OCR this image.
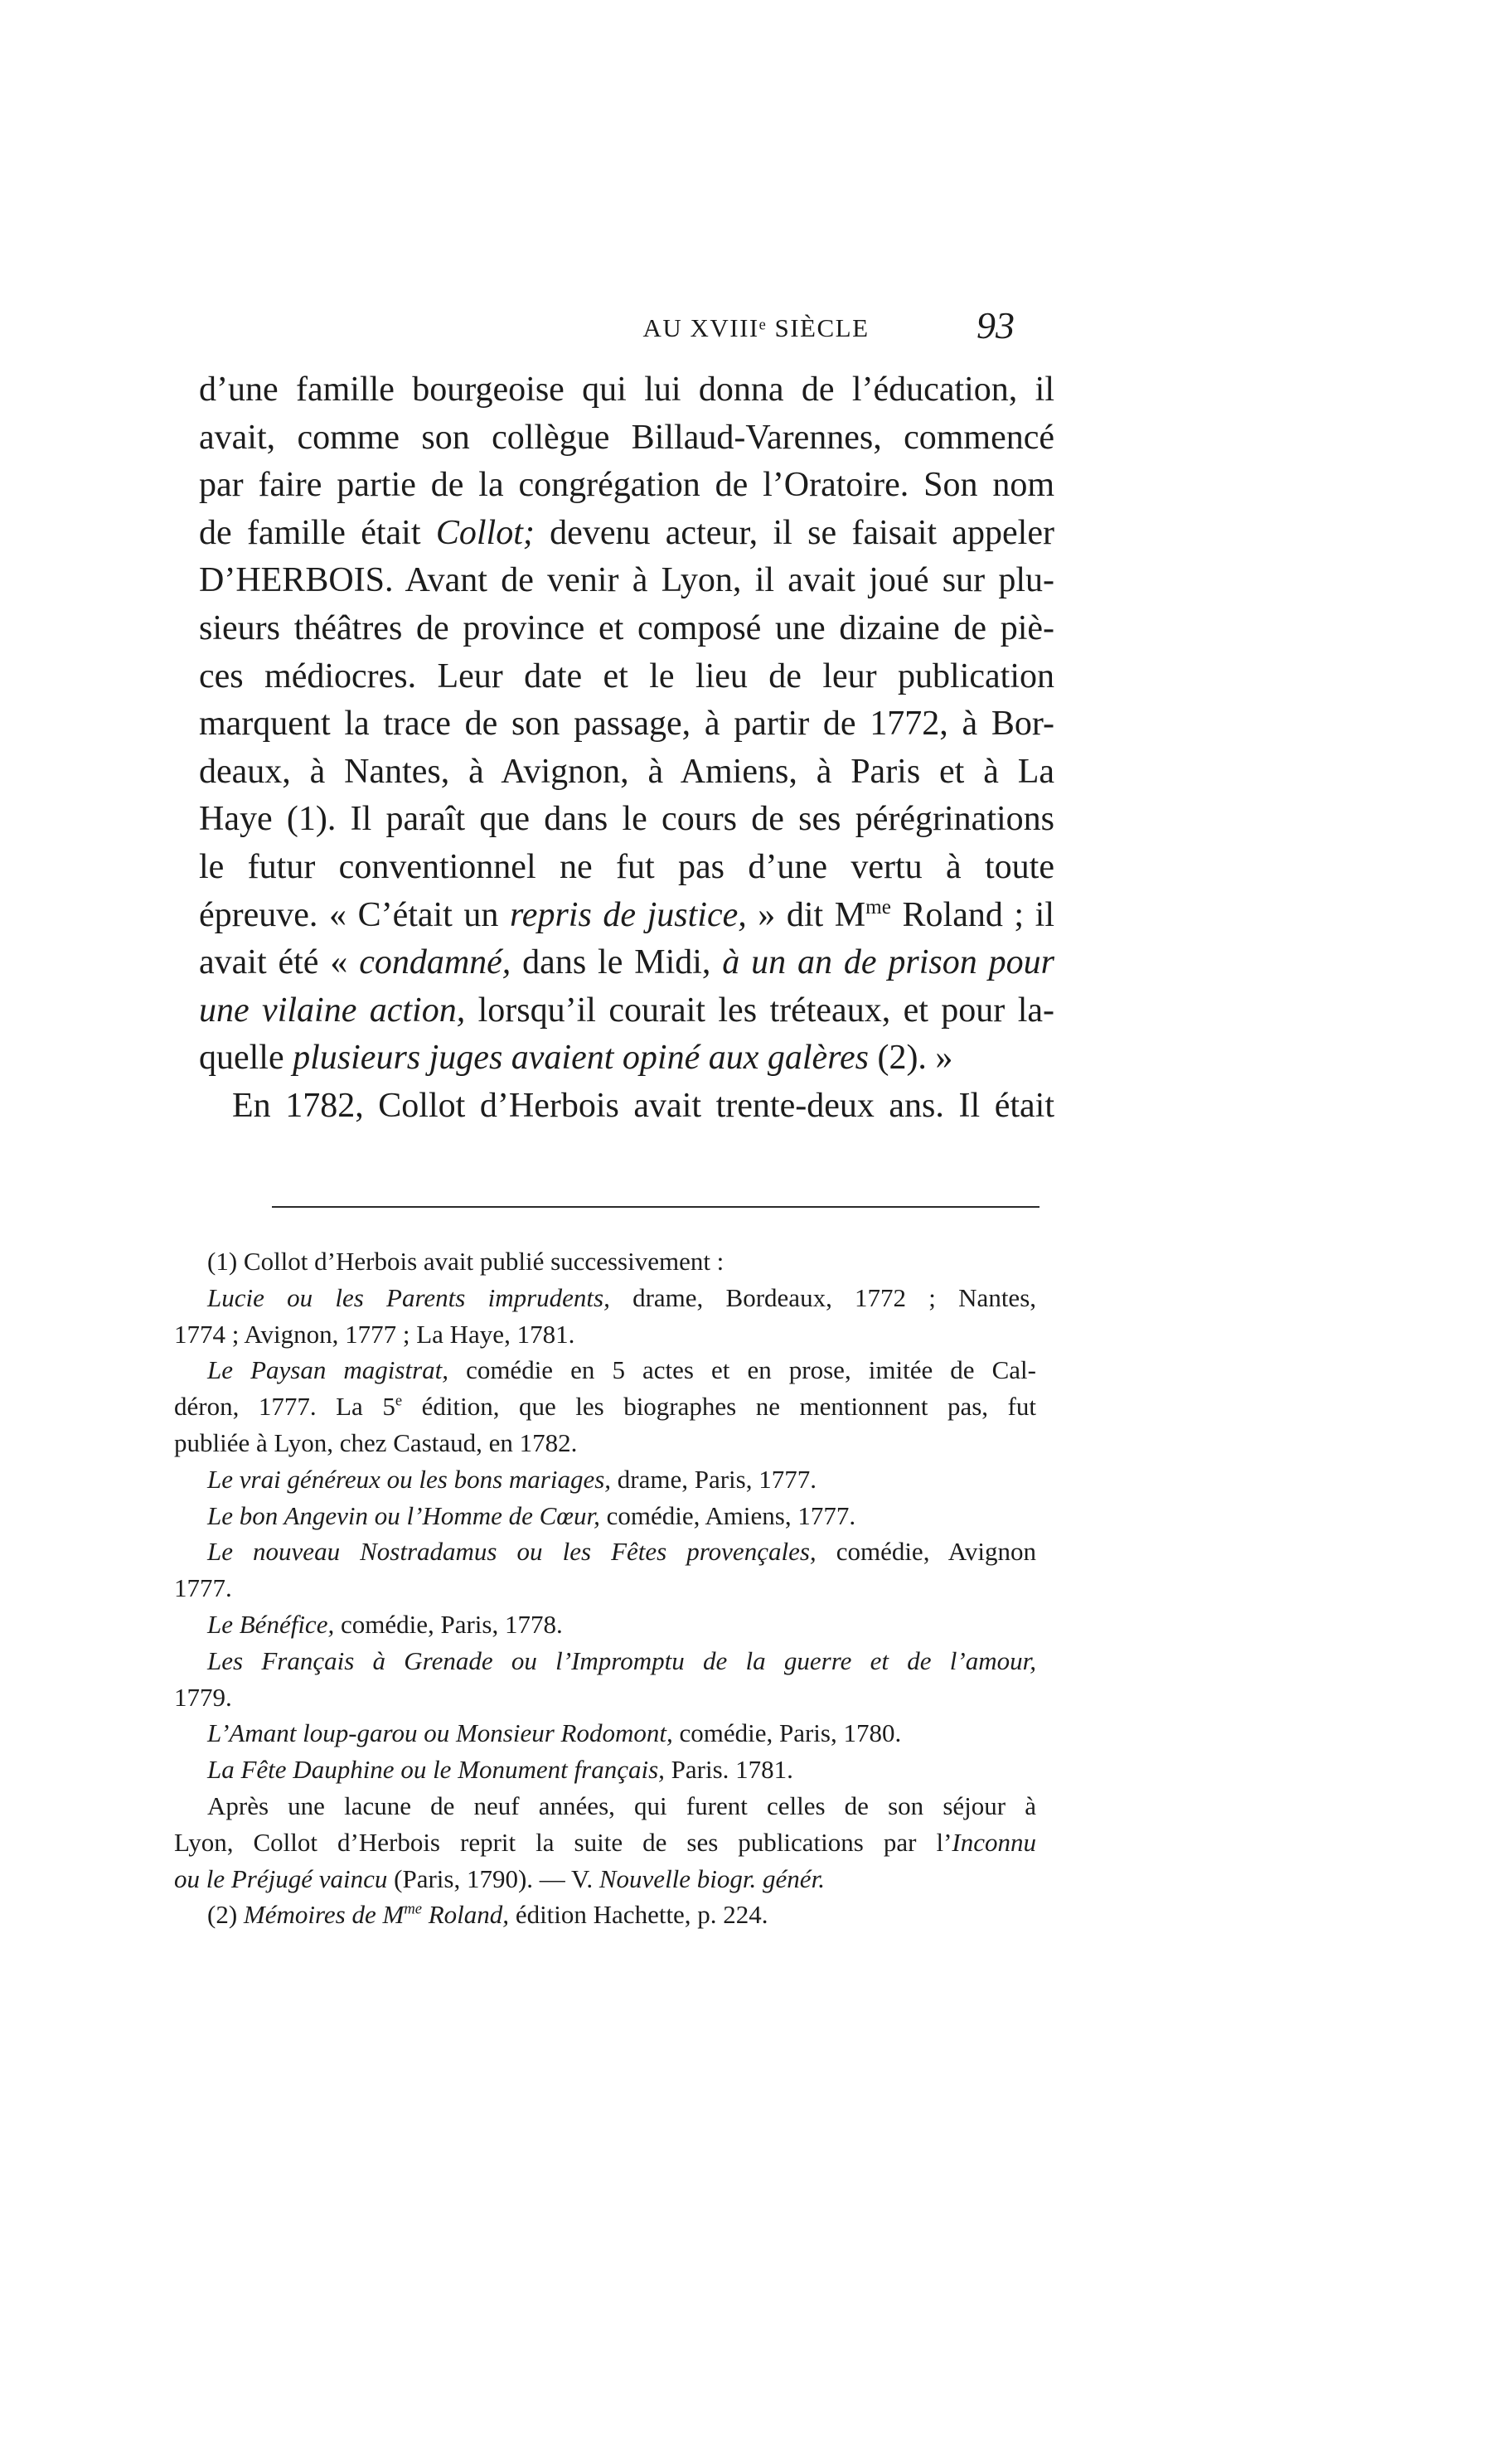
AU XVIIIᵉ SIÈCLE	93
d’une famille bourgeoise qui lui donna de l’éducation, il
avait, comme son collègue Billaud-Varennes, commencé
par faire partie de la congrégation de l’Oratoire. Son nom
de famille était Collot; devenu acteur, il se faisait appeler
D’HERBOIS. Avant de venir à Lyon, il avait joué sur plu-
sieurs théâtres de province et composé une dizaine de piè-
ces médiocres. Leur date et le lieu de leur publication
marquent la trace de son passage, à partir de 1772, à Bor-
deaux, à Nantes, à Avignon, à Amiens, à Paris et à La
Haye (1). Il paraît que dans le cours de ses pérégrinations
le futur conventionnel ne fut pas d’une vertu à toute
épreuve. « C’était un repris de justice, » dit $M^{me}$ Roland ; il
avait été « condamné, dans le Midi, à un an de prison pour
une vilaine action, lorsqu’il courait les tréteaux, et pour la-
quelle plusieurs juges avaient opiné aux galères (2). »
En 1782, Collot d’Herbois avait trente-deux ans. Il était
(1) Collot d’Herbois avait publié successivement :
Lucie ou les Parents imprudents, drame, Bordeaux, 1772 ; Nantes,
1774 ; Avignon, 1777 ; La Haye, 1781.
Le Paysan magistrat, comédie en 5 actes et en prose, imitée de Cal-
déron, 1777. La 5e édition, que les biographes ne mentionnent pas, fut
publiée à Lyon, chez Castaud, en 1782.
Le vrai généreux ou les bons mariages, drame, Paris, 1777.
Le bon Angevin ou l’Homme de Cœur, comédie, Amiens, 1777.
Le nouveau Nostradamus ou les Fêtes provençales, comédie, Avignon
1777.
Le Bénéfice, comédie, Paris, 1778.
Les Français à Grenade ou l’Impromptu de la guerre et de l’amour,
1779.
L’Amant loup-garou ou Monsieur Rodomont, comédie, Paris, 1780.
La Fête Dauphine ou le Monument français, Paris. 1781.
Après une lacune de neuf années, qui furent celles de son séjour à
Lyon, Collot d’Herbois reprit la suite de ses publications par l’Inconnu
ou le Préjugé vaincu (Paris, 1790). — V. Nouvelle biogr. génér.
(2) Mémoires de $M^{me}$ Roland, édition Hachette, p. 224.
